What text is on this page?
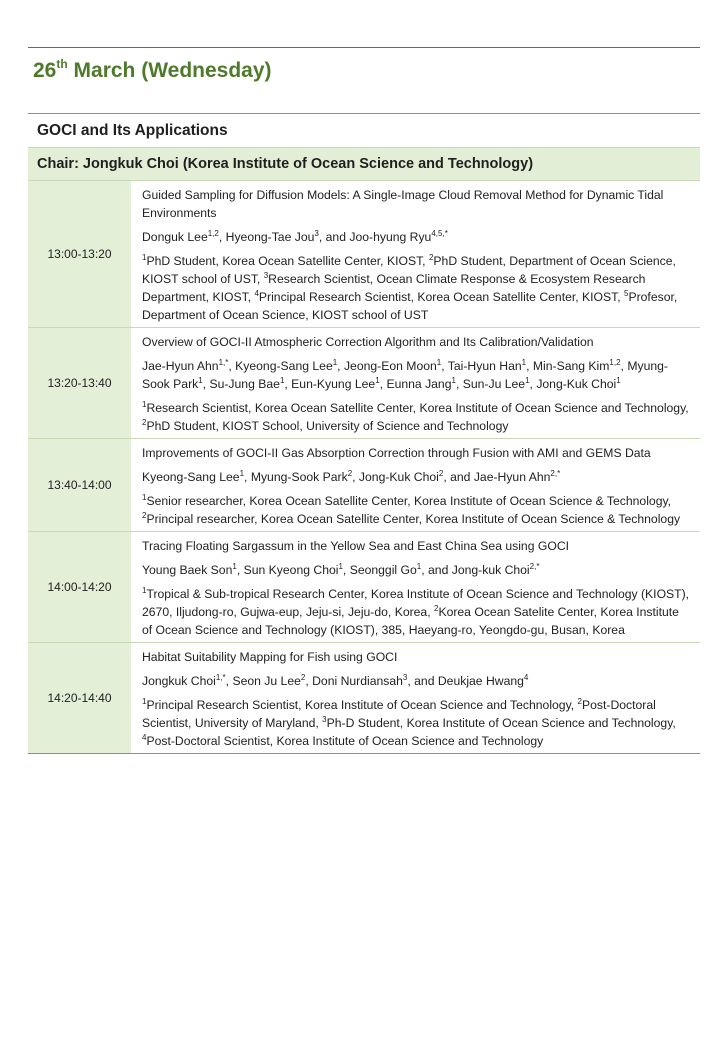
26th March (Wednesday)
GOCI and Its Applications	
Chair: Jongkuk Choi (Korea Institute of Ocean Science and Technology)	
13:00-13:20	Guided Sampling for Diffusion Models: A Single-Image Cloud Removal Method for Dynamic Tidal Environments

Donguk Lee$^{1,2}$, Hyeong-Tae Jou$^3$, and Joo-hyung Ryu$^{4,5,*}$

$^1$PhD Student, Korea Ocean Satellite Center, KIOST, $^2$PhD Student, Department of Ocean Science, KIOST school of UST, $^3$Research Scientist, Ocean Climate Response & Ecosystem Research Department, KIOST, $^4$Principal Research Scientist, Korea Ocean Satellite Center, KIOST, $^5$Profesor, Department of Ocean Science, KIOST school of UST

13:20-13:40	Overview of GOCI-II Atmospheric Correction Algorithm and Its Calibration/Validation

Jae-Hyun Ahn$^{1,*}$, Kyeong-Sang Lee$^1$, Jeong-Eon Moon$^1$, Tai-Hyun Han$^1$, Min-Sang Kim$^{1,2}$, Myung-Sook Park$^1$, Su-Jung Bae$^1$, Eun-Kyung Lee$^1$, Eunna Jang$^1$, Sun-Ju Lee$^1$, Jong-Kuk Choi$^1$

$^1$Research Scientist, Korea Ocean Satellite Center, Korea Institute of Ocean Science and Technology, $^2$PhD Student, KIOST School, University of Science and Technology

13:40-14:00	Improvements of GOCI-II Gas Absorption Correction through Fusion with AMI and GEMS Data

Kyeong-Sang Lee$^1$, Myung-Sook Park$^2$, Jong-Kuk Choi$^2$, and Jae-Hyun Ahn$^{2,*}$

$^1$Senior researcher, Korea Ocean Satellite Center, Korea Institute of Ocean Science & Technology, $^2$Principal researcher, Korea Ocean Satellite Center, Korea Institute of Ocean Science & Technology

14:00-14:20	Tracing Floating Sargassum in the Yellow Sea and East China Sea using GOCI

Young Baek Son$^1$, Sun Kyeong Choi$^1$, Seonggil Go$^1$, and Jong-kuk Choi$^{2,*}$

$^1$Tropical & Sub-tropical Research Center, Korea Institute of Ocean Science and Technology (KIOST), 2670, Iljudong-ro, Gujwa-eup, Jeju-si, Jeju-do, Korea, $^2$Korea Ocean Satelite Center, Korea Institute of Ocean Science and Technology (KIOST), 385, Haeyang-ro, Yeongdo-gu, Busan, Korea

14:20-14:40	Habitat Suitability Mapping for Fish using GOCI

Jongkuk Choi$^{1,*}$, Seon Ju Lee$^2$, Doni Nurdiansah$^3$, and Deukjae Hwang$^4$

$^1$Principal Research Scientist, Korea Institute of Ocean Science and Technology, $^2$Post-Doctoral Scientist, University of Maryland, $^3$Ph-D Student, Korea Institute of Ocean Science and Technology, $^4$Post-Doctoral Scientist, Korea Institute of Ocean Science and Technology
